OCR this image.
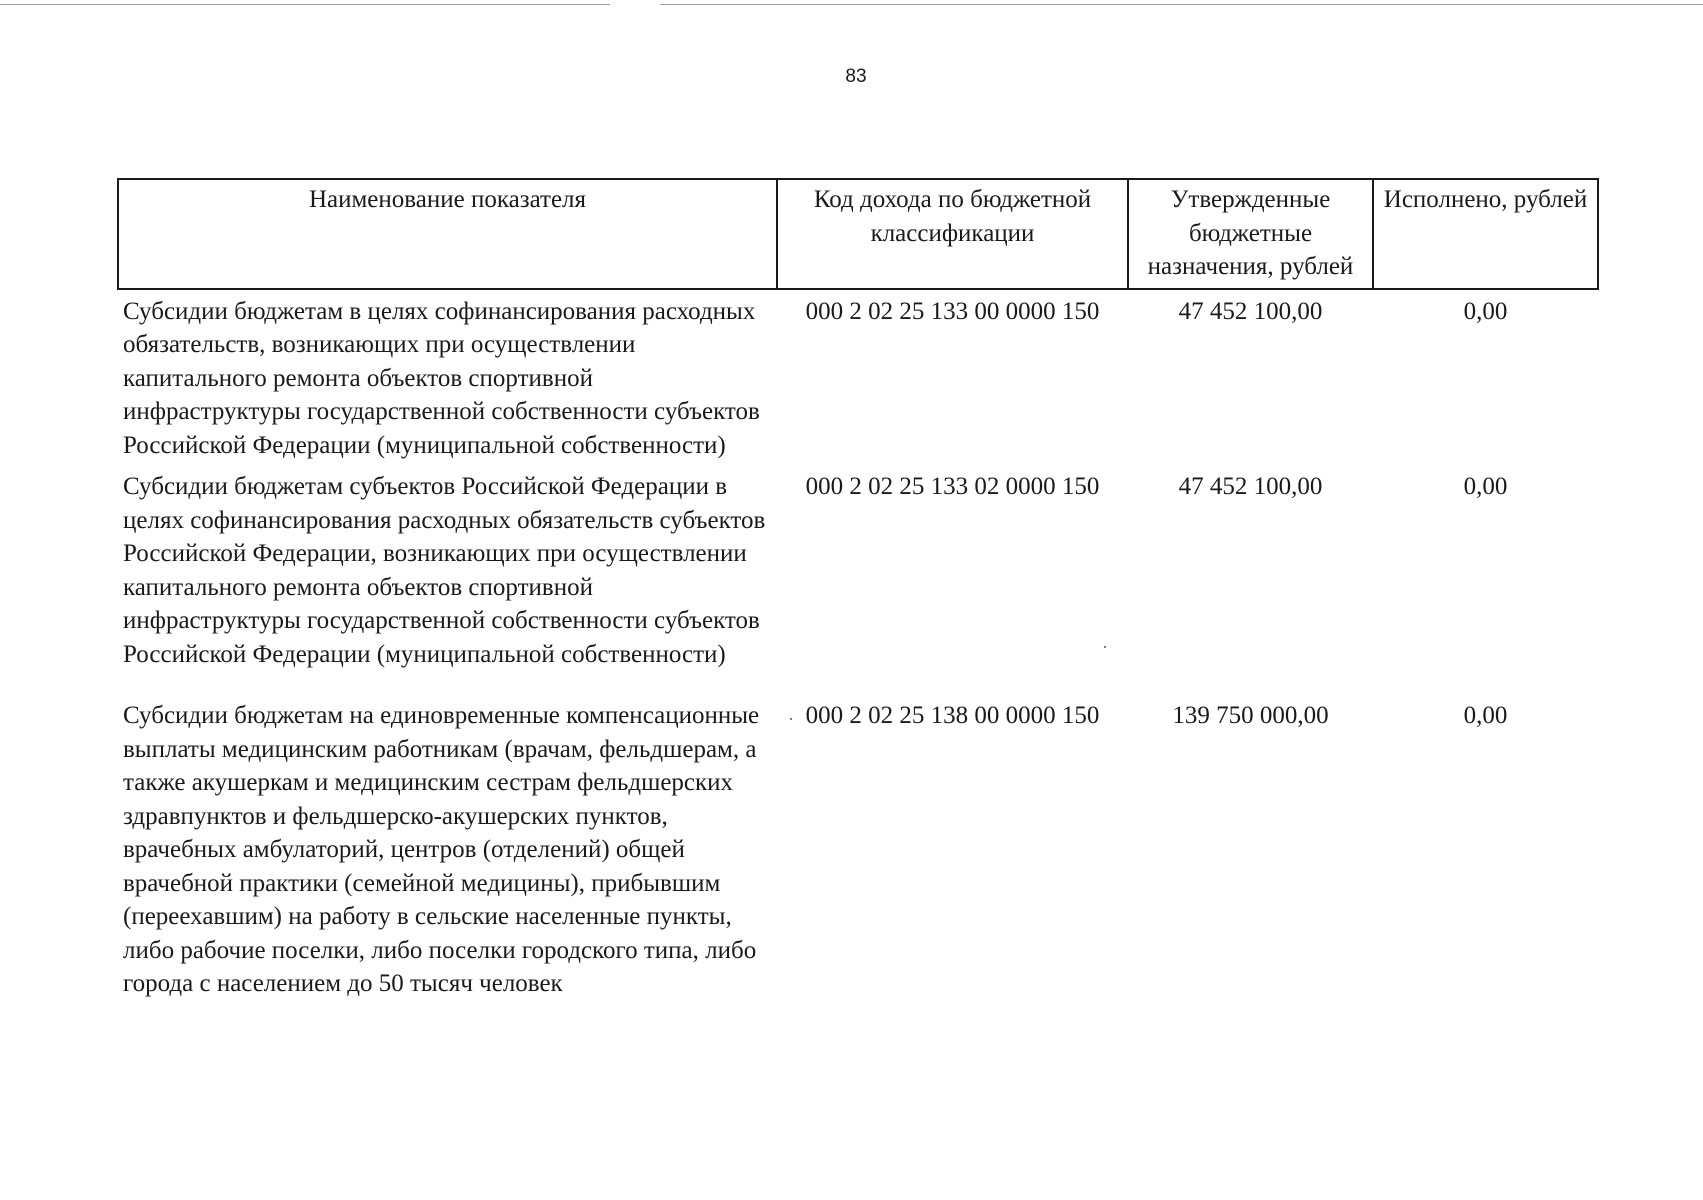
83
Наименование показателя	Код дохода по бюджетной классификации	Утвержденные бюджетные назначения, рублей	Исполнено, рублей
Субсидии бюджетам в целях софинансирования расходных обязательств, возникающих при осуществлении капитального ремонта объектов спортивной инфраструктуры государственной собственности субъектов Российской Федерации (муниципальной собственности)	000 2 02 25 133 00 0000 150	47 452 100,00	0,00
Субсидии бюджетам субъектов Российской Федерации в целях софинансирования расходных обязательств субъектов Российской Федерации, возникающих при осуществлении капитального ремонта объектов спортивной инфраструктуры государственной собственности субъектов Российской Федерации (муниципальной собственности)	000 2 02 25 133 02 0000 150	47 452 100,00	0,00
Субсидии бюджетам на единовременные компенсационные выплаты медицинским работникам (врачам, фельдшерам, а также акушеркам и медицинским сестрам фельдшерских здравпунктов и фельдшерско-акушерских пунктов, врачебных амбулаторий, центров (отделений) общей врачебной практики (семейной медицины), прибывшим (переехавшим) на работу в сельские населенные пункты, либо рабочие поселки, либо поселки городского типа, либо города с населением до 50 тысяч человек	000 2 02 25 138 00 0000 150	139 750 000,00	0,00
